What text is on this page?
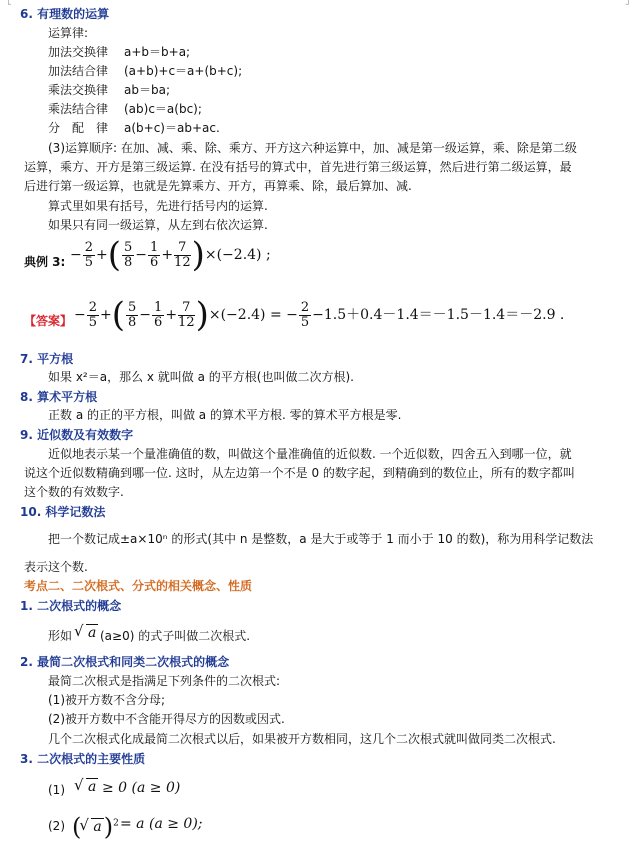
└	┘
6. 有理数的运算
运算律:
加法交换律 a+b＝b+a;
加法结合律 (a+b)+c＝a+(b+c);
乘法交换律 ab＝ba;
乘法结合律 (ab)c＝a(bc);
分　配　律 a(b+c)＝ab+ac.
(3)运算顺序: 在加、减、乘、除、乘方、开方这六种运算中，加、减是第一级运算，乘、除是第二级
运算，乘方、开方是第三级运算. 在没有括号的算式中，首先进行第三级运算，然后进行第二级运算，最
后进行第一级运算，也就是先算乘方、开方，再算乘、除，最后算加、减.
算式里如果有括号，先进行括号内的运算.
如果只有同一级运算，从左到右依次运算.
典例 3: − $\frac{2}{5}$ +( $\frac{5}{8} - \frac{1}{6} + \frac{7}{12} )\times(-2.4)$ ;
【答案】 − $\frac{2}{5}$ +( $\frac{5}{8} - \frac{1}{6} + \frac{7}{12} )\times(-2.4)$ = − $\frac{2}{5} -1.5+0.4-1.4=-1.5-1.4=-2.9$ .
7. 平方根
如果 x²＝a，那么 x 就叫做 a 的平方根(也叫做二次方根).
8. 算术平方根
正数 a 的正的平方根，叫做 a 的算术平方根. 零的算术平方根是零.
9. 近似数及有效数字
近似地表示某一个量准确值的数，叫做这个量准确值的近似数. 一个近似数，四舍五入到哪一位，就
说这个近似数精确到哪一位. 这时，从左边第一个不是 0 的数字起，到精确到的数位止，所有的数字都叫
这个数的有效数字.
10. 科学记数法
把一个数记成±a×10ⁿ 的形式(其中 n 是整数，a 是大于或等于 1 而小于 10 的数)，称为用科学记数法
表示这个数.
考点二、二次根式、分式的相关概念、性质
1. 二次根式的概念
形如	√ a (a≥0) 的式子叫做二次根式.
2. 最简二次根式和同类二次根式的概念
最简二次根式是指满足下列条件的二次根式:
(1)被开方数不含分母;
(2)被开方数中不含能开得尽方的因数或因式.
几个二次根式化成最简二次根式以后，如果被开方数相同，这几个二次根式就叫做同类二次根式.
3. 二次根式的主要性质
(1)	√ a ≥ 0 (a ≥ 0)
(2) ( √ a)$^2$ = a (a ≥ 0);
